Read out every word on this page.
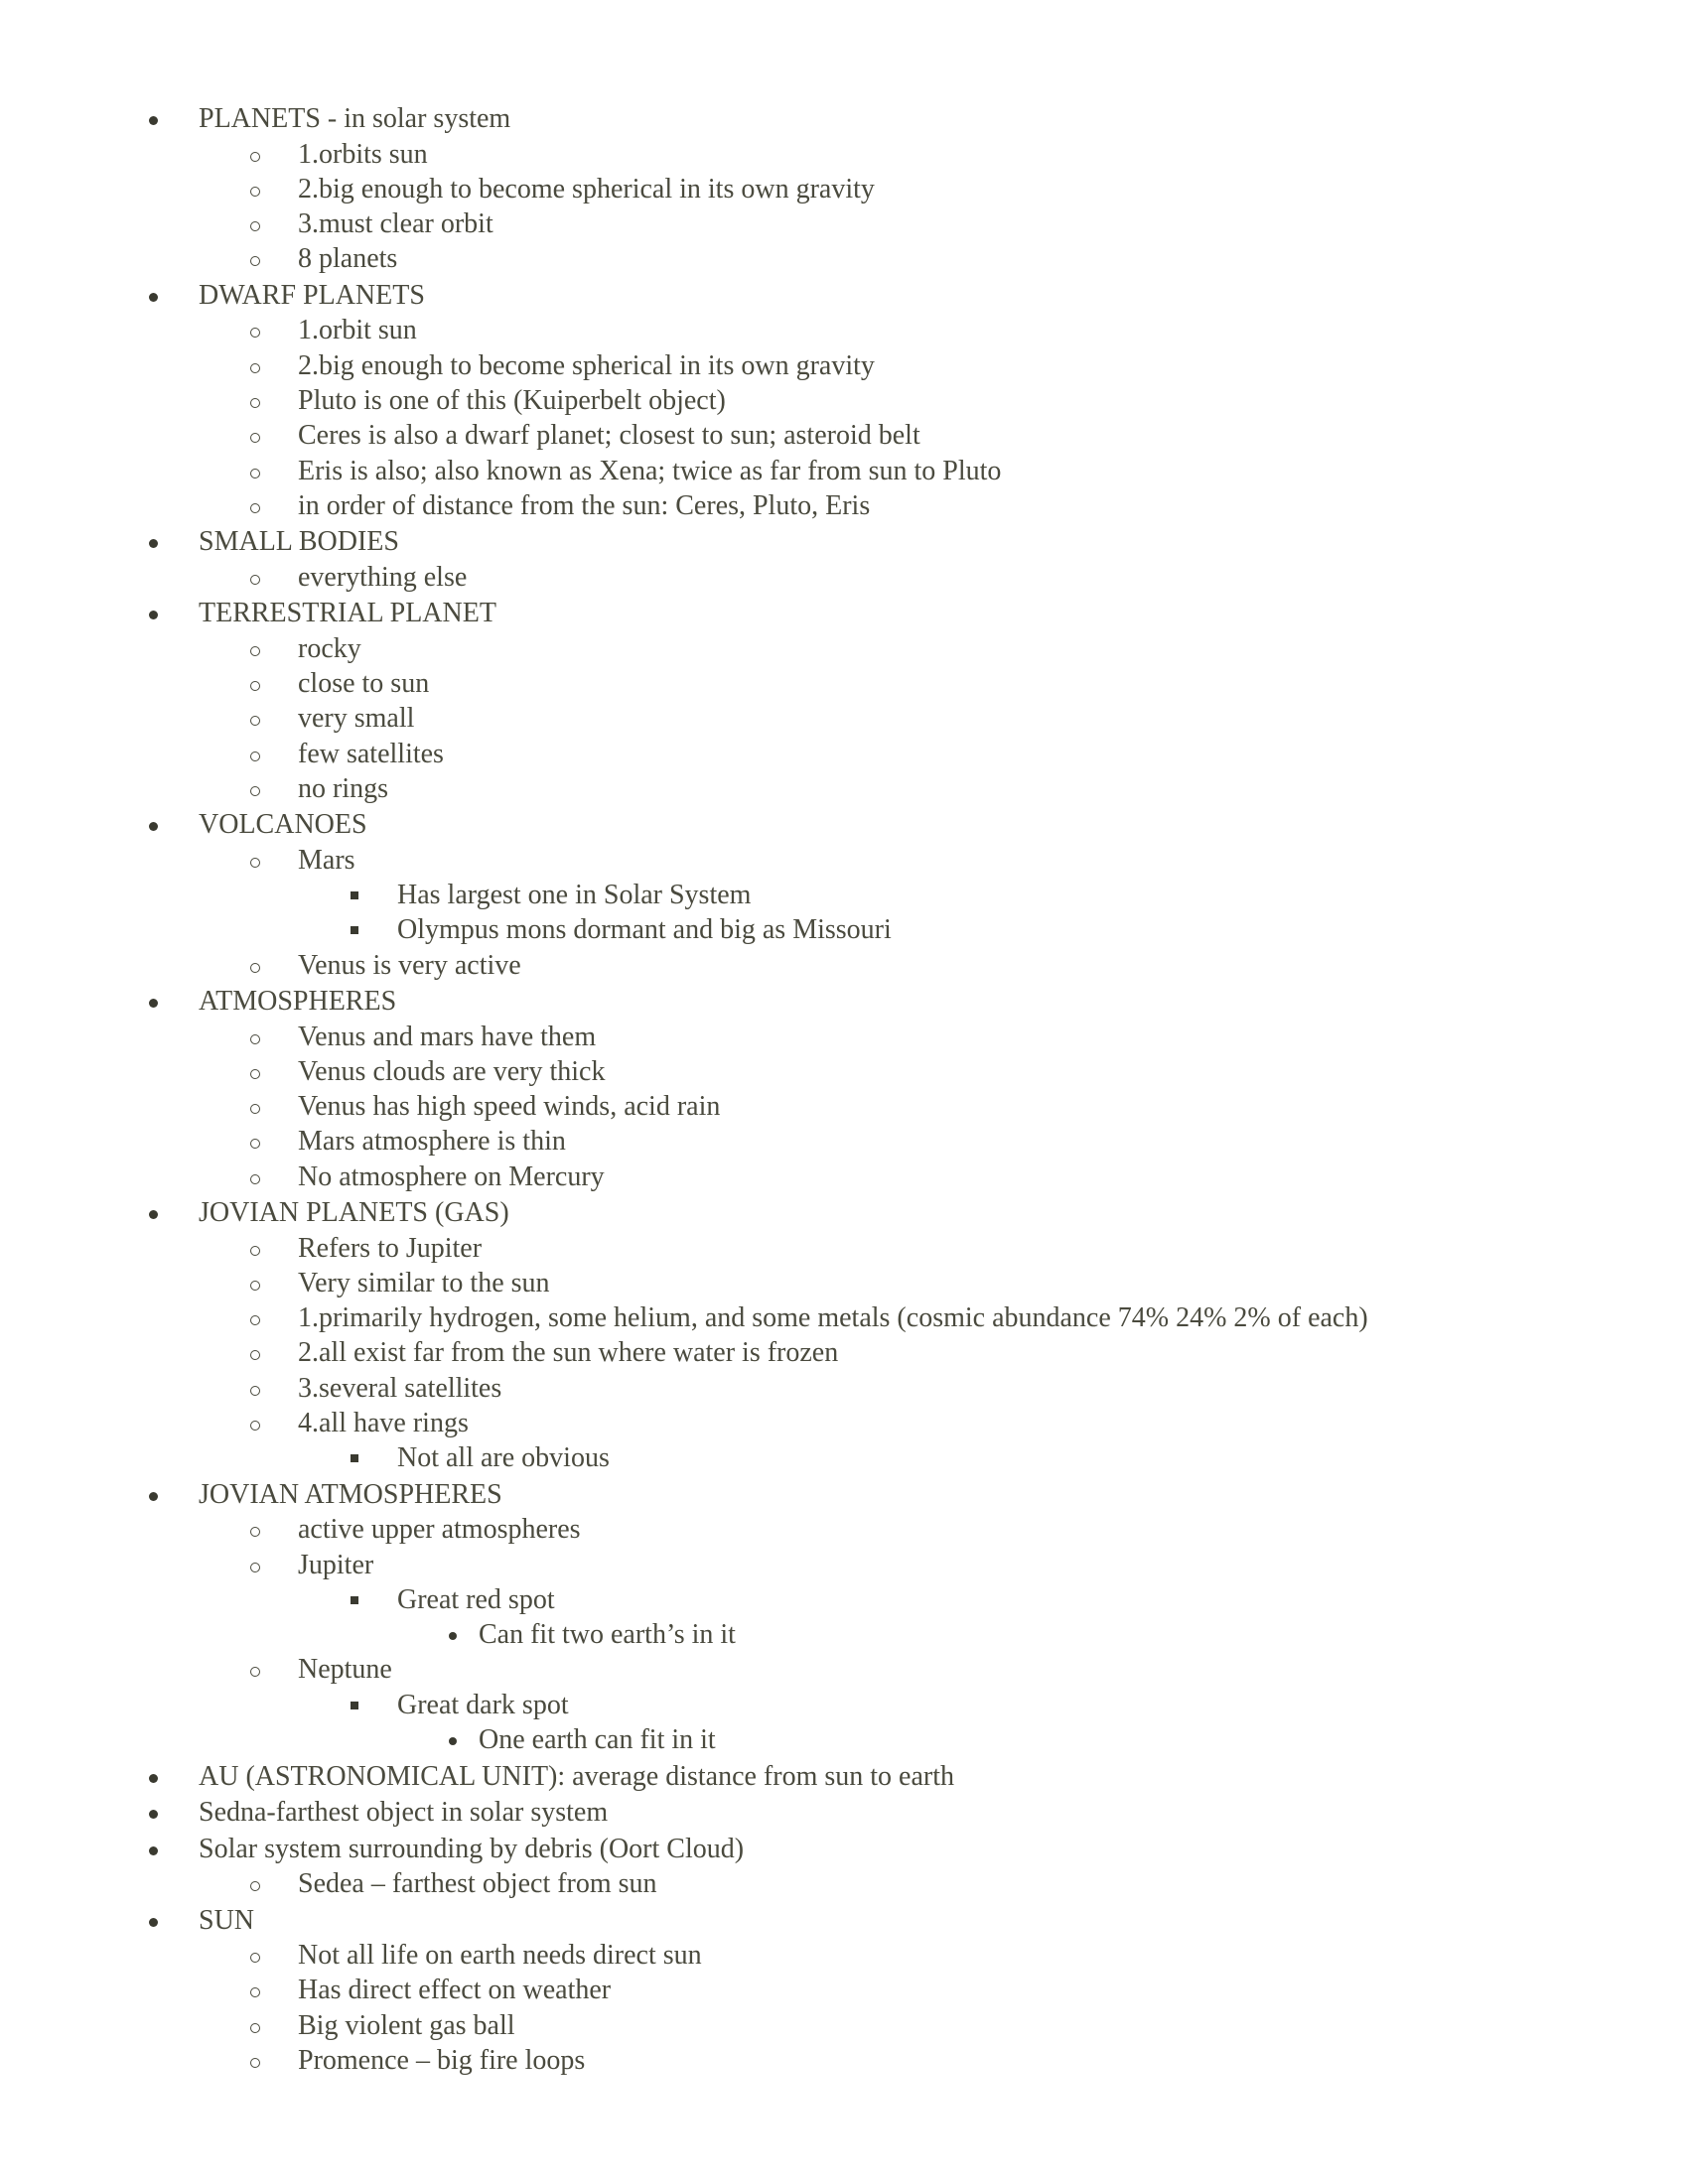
PLANETS - in solar system
1.orbits sun
2.big enough to become spherical in its own gravity
3.must clear orbit
8 planets
DWARF PLANETS
1.orbit sun
2.big enough to become spherical in its own gravity
Pluto is one of this (Kuiperbelt object)
Ceres is also a dwarf planet; closest to sun; asteroid belt
Eris is also; also known as Xena; twice as far from sun to Pluto
in order of distance from the sun: Ceres, Pluto, Eris
SMALL BODIES
everything else
TERRESTRIAL PLANET
rocky
close to sun
very small
few satellites
no rings
VOLCANOES
Mars
Has largest one in Solar System
Olympus mons dormant and big as Missouri
Venus is very active
ATMOSPHERES
Venus and mars have them
Venus clouds are very thick
Venus has high speed winds, acid rain
Mars atmosphere is thin
No atmosphere on Mercury
JOVIAN PLANETS (GAS)
Refers to Jupiter
Very similar to the sun
1.primarily hydrogen, some helium, and some metals (cosmic abundance 74% 24% 2% of each)
2.all exist far from the sun where water is frozen
3.several satellites
4.all have rings
Not all are obvious
JOVIAN ATMOSPHERES
active upper atmospheres
Jupiter
Great red spot
Can fit two earth’s in it
Neptune
Great dark spot
One earth can fit in it
AU (ASTRONOMICAL UNIT): average distance from sun to earth
Sedna-farthest object in solar system
Solar system surrounding by debris (Oort Cloud)
Sedea – farthest object from sun
SUN
Not all life on earth needs direct sun
Has direct effect on weather
Big violent gas ball
Promence – big fire loops
